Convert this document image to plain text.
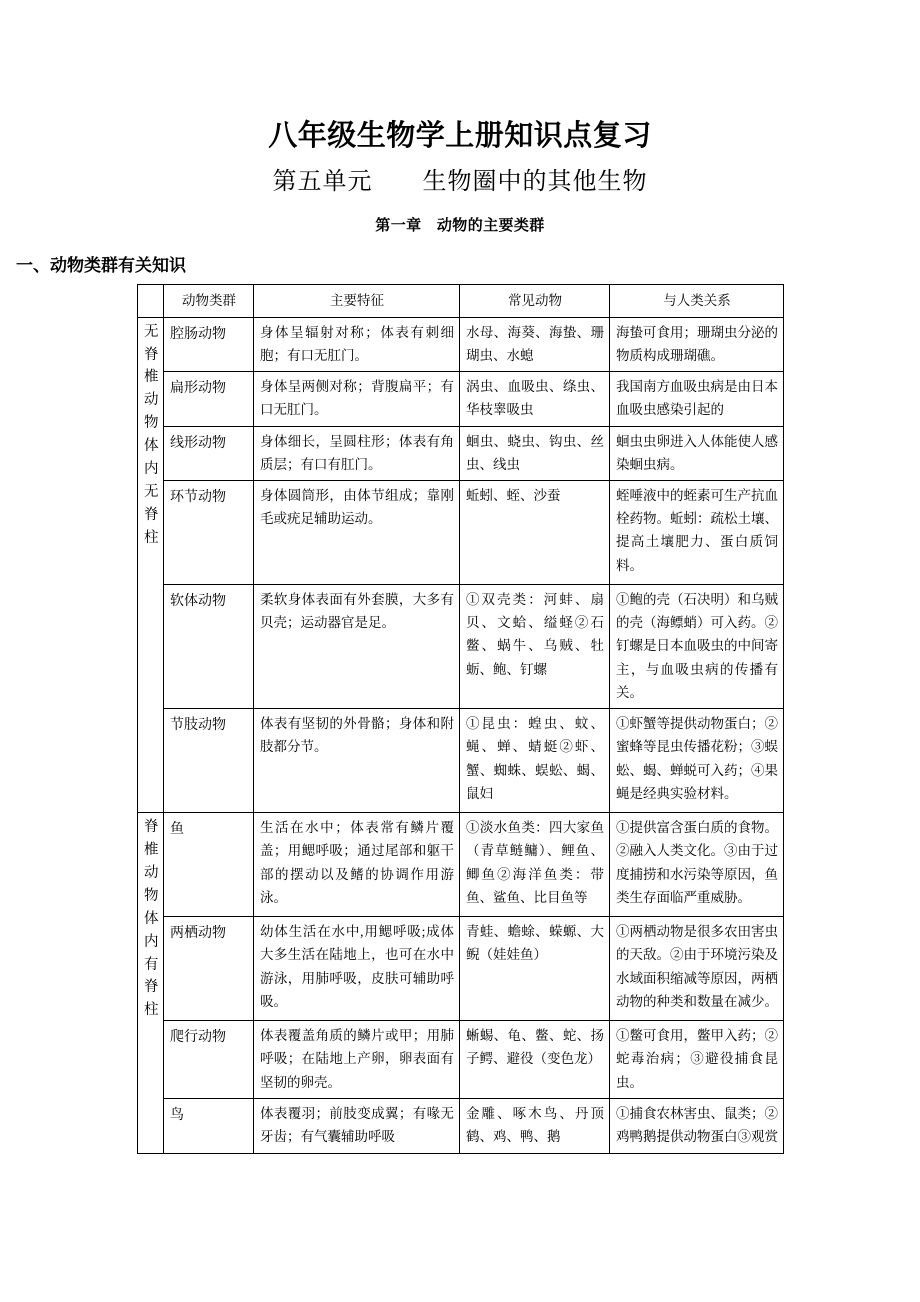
八年级生物学上册知识点复习
第五单元　　生物圈中的其他生物
第一章　动物的主要类群
一、动物类群有关知识
	动物类群	主要特征	常见动物	与人类关系

无脊椎动物
体内无脊柱	腔肠动物	身体呈辐射对称；体表有刺细胞；有口无肛门。	水母、海葵、海蛰、珊瑚虫、水螅	海蛰可食用；珊瑚虫分泌的物质构成珊瑚礁。
	扁形动物	身体呈两侧对称；背腹扁平；有口无肛门。	涡虫、血吸虫、绦虫、华枝睾吸虫	我国南方血吸虫病是由日本血吸虫感染引起的
	线形动物	身体细长，呈圆柱形；体表有角质层；有口有肛门。	蛔虫、蛲虫、钩虫、丝虫、线虫	蛔虫虫卵进入人体能使人感染蛔虫病。
	环节动物	身体圆筒形，由体节组成；靠刚毛或疣足辅助运动。	蚯蚓、蛭、沙蚕	蛭唾液中的蛭素可生产抗血栓药物。蚯蚓：疏松土壤、提高土壤肥力、蛋白质饲料。
	软体动物	柔软身体表面有外套膜，大多有贝壳；运动器官是足。	①双壳类：河蚌、扇贝、文蛤、缢蛏②石鳖、蜗牛、乌贼、牡蛎、鲍、钉螺	①鲍的壳（石决明）和乌贼的壳（海鳔蛸）可入药。②钉螺是日本血吸虫的中间寄主，与血吸虫病的传播有关。
	节肢动物	体表有坚韧的外骨骼；身体和附肢都分节。	①昆虫：蝗虫、蚊、蝇、蝉、蜻蜓②虾、蟹、蜘蛛、蜈蚣、蝎、鼠妇	①虾蟹等提供动物蛋白；②蜜蜂等昆虫传播花粉；③蜈蚣、蝎、蝉蜕可入药；④果蝇是经典实验材料。

脊椎动物
体内有脊柱	鱼	生活在水中；体表常有鳞片覆盖；用鳃呼吸；通过尾部和躯干部的摆动以及鳍的协调作用游泳。	①淡水鱼类：四大家鱼（青草鲢鳙）、鲤鱼、鲫鱼②海洋鱼类：带鱼、鲨鱼、比目鱼等	①提供富含蛋白质的食物。②融入人类文化。③由于过度捕捞和水污染等原因，鱼类生存面临严重威胁。
	两栖动物	幼体生活在水中,用鳃呼吸;成体大多生活在陆地上，也可在水中游泳，用肺呼吸，皮肤可辅助呼吸。	青蛙、蟾蜍、蝾螈、大鲵（娃娃鱼）	①两栖动物是很多农田害虫的天敌。②由于环境污染及水域面积缩减等原因，两栖动物的种类和数量在减少。
	爬行动物	体表覆盖角质的鳞片或甲；用肺呼吸；在陆地上产卵，卵表面有坚韧的卵壳。	蜥蜴、龟、鳖、蛇、扬子鳄、避役（变色龙）	①鳖可食用，鳖甲入药；②蛇毒治病；③避役捕食昆虫。
	鸟	体表覆羽；前肢变成翼；有喙无牙齿；有气囊辅助呼吸	金雕、啄木鸟、丹顶鹤、鸡、鸭、鹅	①捕食农林害虫、鼠类；②鸡鸭鹅提供动物蛋白③观赏
